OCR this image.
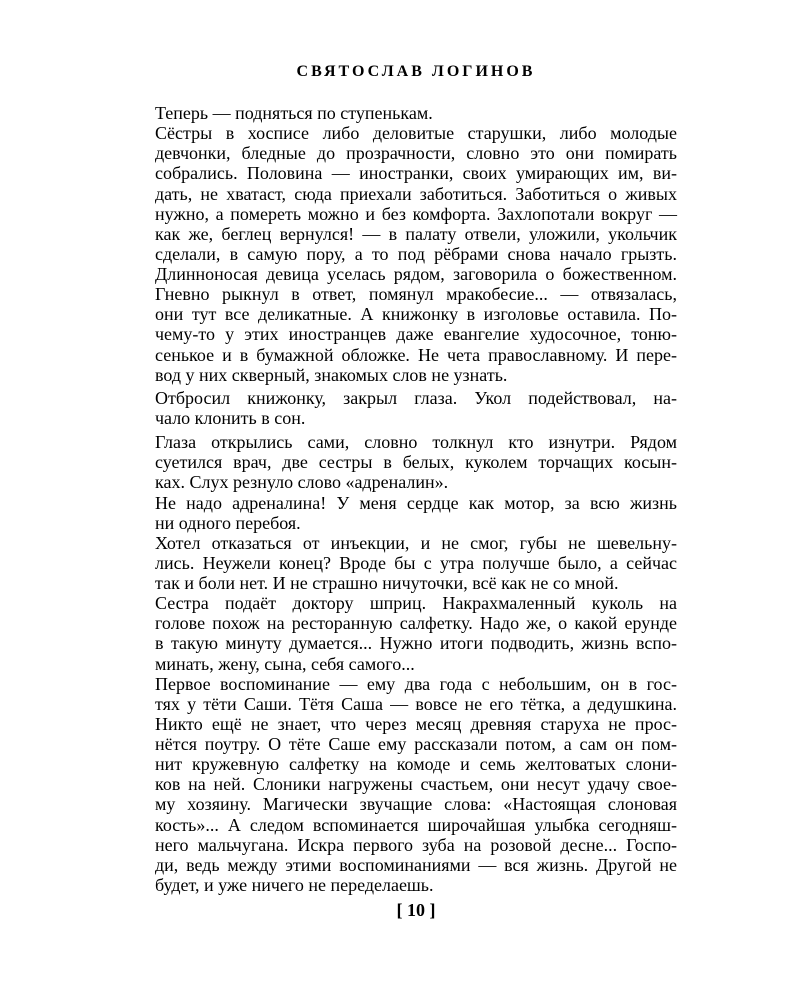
СВЯТОСЛАВ ЛОГИНОВ
Теперь — подняться по ступенькам.
Сёстры в хосписе либо деловитые старушки, либо молодые
девчонки, бледные до прозрачности, словно это они помирать
собрались. Половина — иностранки, своих умирающих им, ви-
дать, не хватаст, сюда приехали заботиться. Заботиться о живых
нужно, а помереть можно и без комфорта. Захлопотали вокруг —
как же, беглец вернулся! — в палату отвели, уложили, укольчик
сделали, в самую пору, а то под рёбрами снова начало грызть.
Длинноносая девица уселась рядом, заговорила о божественном.
Гневно рыкнул в ответ, помянул мракобесие... — отвязалась,
они тут все деликатные. А книжонку в изголовье оставила. По-
чему-то у этих иностранцев даже евангелие худосочное, тоню-
сенькое и в бумажной обложке. Не чета православному. И пере-
вод у них скверный, знакомых слов не узнать.
Отбросил книжонку, закрыл глаза. Укол подействовал, на-
чало клонить в сон.
Глаза открылись сами, словно толкнул кто изнутри. Рядом
суетился врач, две сестры в белых, куколем торчащих косын-
ках. Слух резнуло слово «адреналин».
Не надо адреналина! У меня сердце как мотор, за всю жизнь
ни одного перебоя.
Хотел отказаться от инъекции, и не смог, губы не шевельну-
лись. Неужели конец? Вроде бы с утра получше было, а сейчас
так и боли нет. И не страшно ничуточки, всё как не со мной.
Сестра подаёт доктору шприц. Накрахмаленный куколь на
голове похож на ресторанную салфетку. Надо же, о какой ерунде
в такую минуту думается... Нужно итоги подводить, жизнь вспо-
минать, жену, сына, себя самого...
Первое воспоминание — ему два года с небольшим, он в гос-
тях у тёти Саши. Тётя Саша — вовсе не его тётка, а дедушкина.
Никто ещё не знает, что через месяц древняя старуха не прос-
нётся поутру. О тёте Саше ему рассказали потом, а сам он пом-
нит кружевную салфетку на комоде и семь желтоватых слони-
ков на ней. Слоники нагружены счастьем, они несут удачу свое-
му хозяину. Магически звучащие слова: «Настоящая слоновая
кость»... А следом вспоминается широчайшая улыбка сегодняш-
него мальчугана. Искра первого зуба на розовой десне... Госпо-
ди, ведь между этими воспоминаниями — вся жизнь. Другой не
будет, и уже ничего не переделаешь.
[ 10 ]
